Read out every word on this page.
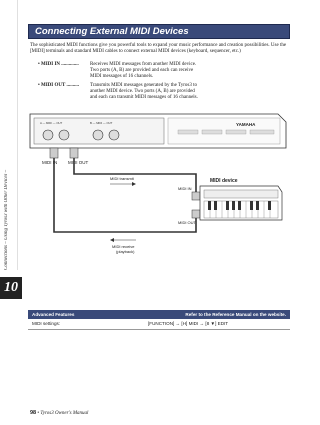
Connections – Using Tyros3 with Other Devices –
10
Connecting External MIDI Devices
The sophisticated MIDI functions give you powerful tools to expand your music performance and creation possibilities. Use the [MIDI] terminals and standard MIDI cables to connect external MIDI devices (keyboard, sequencer, etc.)
• MIDI IN ..............	Receives MIDI messages from another MIDI device. Two ports (A, B) are provided and each can receive MIDI messages of 16 channels.
• MIDI OUT ..........	Transmits MIDI messages generated by the Tyros3 to another MIDI device. Two ports (A, B) are provided and each can transmit MIDI messages of 16 channels.
YAMAHA
A — MIDI — OUT	B — MIDI — OUT
MIDI IN MIDI OUT
MIDI transmit
MIDI receive
(playback)
MIDI IN
MIDI OUT
MIDI device
Advanced Features	Refer to the Reference Manual on the website.
MIDI settings:	[FUNCTION] → [H] MIDI → [8 ▼] EDIT
98 • Tyros3 Owner's Manual
